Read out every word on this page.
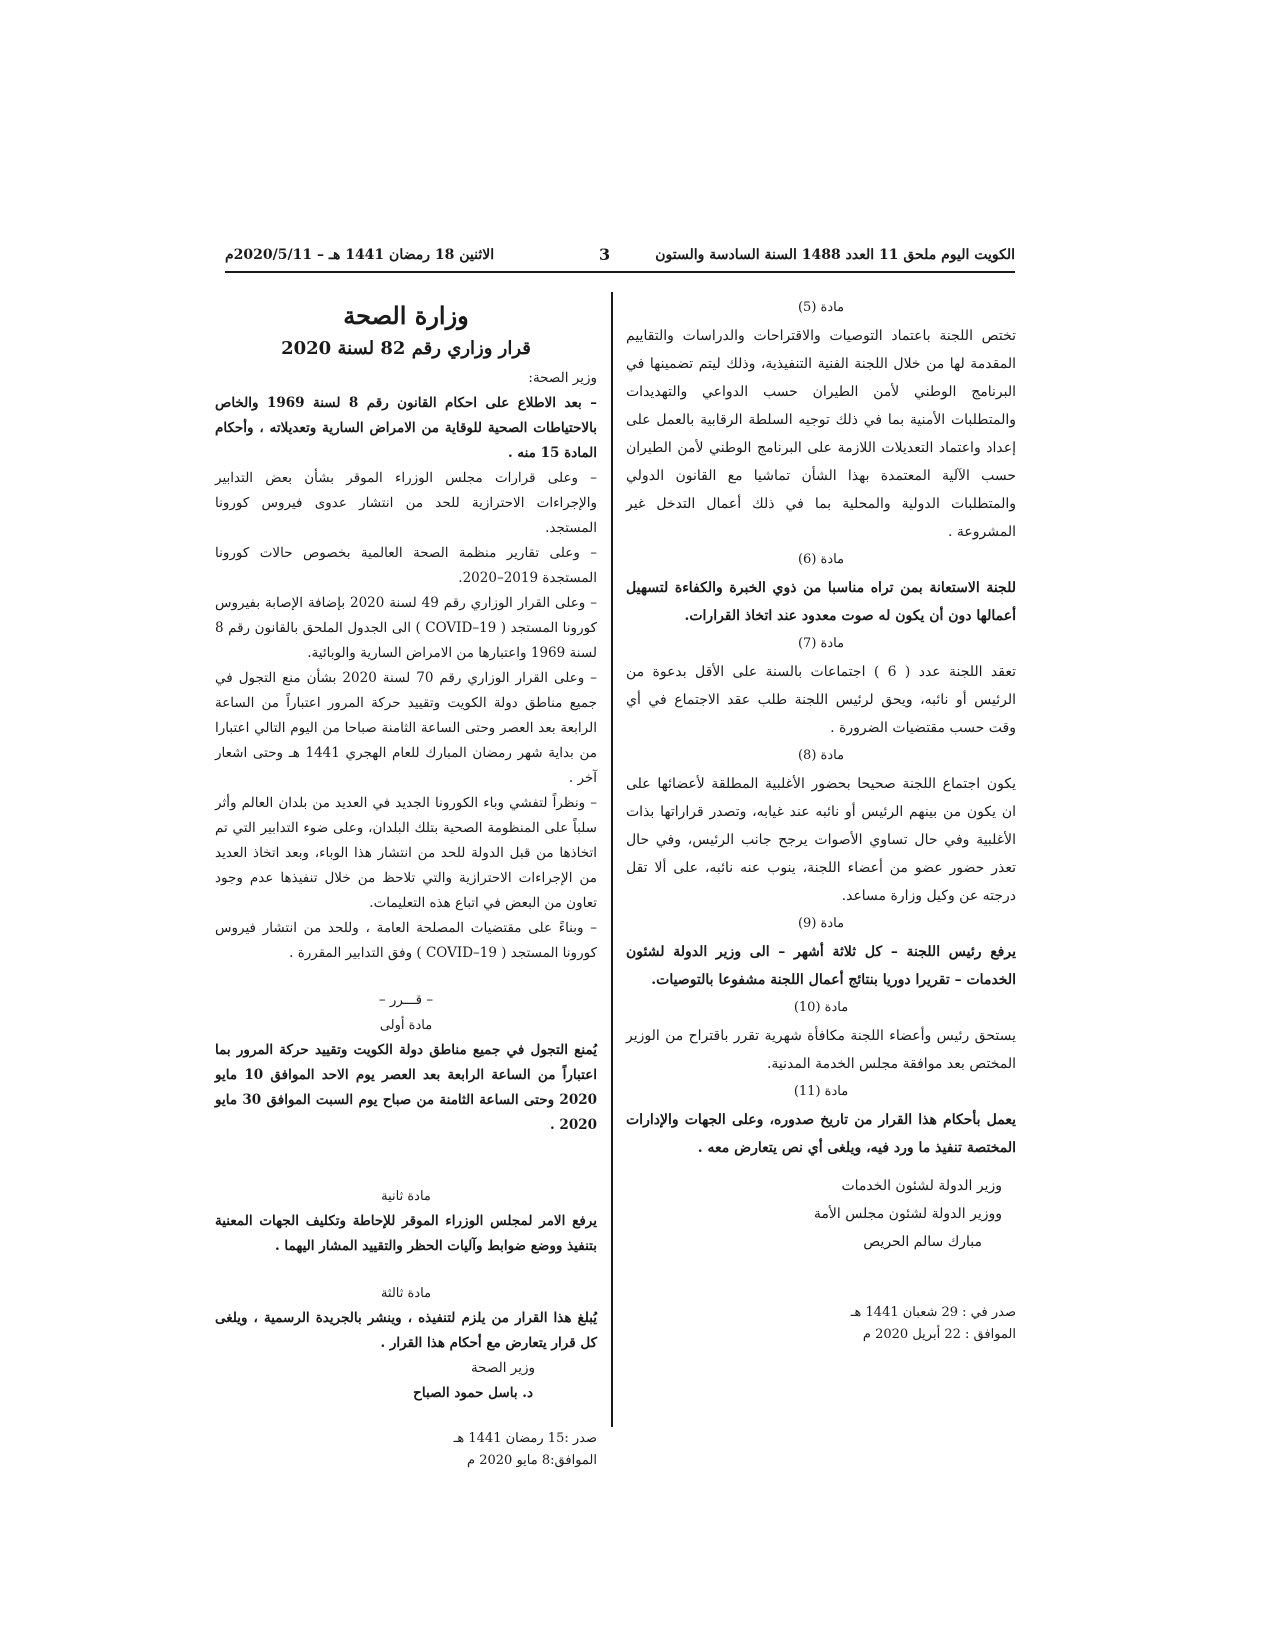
الكويت اليوم ملحق 11 العدد 1488 السنة السادسة والستون
3
الاثنين 18 رمضان 1441 هـ – 2020/5/11م

مادة (5)

تختص اللجنة باعتماد التوصيات والاقتراحات والدراسات والتقاييم المقدمة لها من خلال اللجنة الفنية التنفيذية، وذلك ليتم تضمينها في البرنامج الوطني لأمن الطيران حسب الدواعي والتهديدات والمتطلبات الأمنية بما في ذلك توجيه السلطة الرقابية بالعمل على إعداد واعتماد التعديلات اللازمة على البرنامج الوطني لأمن الطيران حسب الآلية المعتمدة بهذا الشأن تماشيا مع القانون الدولي والمتطلبات الدولية والمحلية بما في ذلك أعمال التدخل غير المشروعة .

مادة (6)

للجنة الاستعانة بمن تراه مناسبا من ذوي الخبرة والكفاءة لتسهيل أعمالها دون أن يكون له صوت معدود عند اتخاذ القرارات.

مادة (7)

تعقد اللجنة عدد ( 6 ) اجتماعات بالسنة على الأقل بدعوة من الرئيس أو نائبه، ويحق لرئيس اللجنة طلب عقد الاجتماع في أي وقت حسب مقتضيات الضرورة .

مادة (8)

يكون اجتماع اللجنة صحيحا بحضور الأغلبية المطلقة لأعضائها على ان يكون من بينهم الرئيس أو نائبه عند غيابه، وتصدر قراراتها بذات الأغلبية وفي حال تساوي الأصوات يرجح جانب الرئيس، وفي حال تعذر حضور عضو من أعضاء اللجنة، ينوب عنه نائبه، على ألا تقل درجته عن وكيل وزارة مساعد.

مادة (9)

يرفع رئيس اللجنة – كل ثلاثة أشهر – الى وزير الدولة لشئون الخدمات – تقريرا دوريا بنتائج أعمال اللجنة مشفوعا بالتوصيات.

مادة (10)

يستحق رئيس وأعضاء اللجنة مكافأة شهرية تقرر باقتراح من الوزير المختص بعد موافقة مجلس الخدمة المدنية.

مادة (11)

يعمل بأحكام هذا القرار من تاريخ صدوره، وعلى الجهات والإدارات المختصة تنفيذ ما ورد فيه، ويلغى أي نص يتعارض معه .

وزير الدولة لشئون الخدمات

ووزير الدولة لشئون مجلس الأمة

مبارك سالم الحريص

صدر في : 29 شعبان 1441 هـ

الموافق : 22 أبريل 2020 م

وزارة الصحة

قرار وزاري رقم 82 لسنة 2020

وزير الصحة:

– بعد الاطلاع على احكام القانون رقم 8 لسنة 1969 والخاص بالاحتياطات الصحية للوقاية من الامراض السارية وتعديلاته ، وأحكام المادة 15 منه .

– وعلى قرارات مجلس الوزراء الموقر بشأن بعض التدابير والإجراءات الاحترازية للحد من انتشار عدوى فيروس كورونا المستجد.

– وعلى تقارير منظمة الصحة العالمية بخصوص حالات كورونا المستجدة 2019–2020.

– وعلى القرار الوزاري رقم 49 لسنة 2020 بإضافة الإصابة بفيروس كورونا المستجد ( COVID–19 ) الى الجدول الملحق بالقانون رقم 8 لسنة 1969 واعتبارها من الامراض السارية والوبائية.

– وعلى القرار الوزاري رقم 70 لسنة 2020 بشأن منع التجول في جميع مناطق دولة الكويت وتقييد حركة المرور اعتباراً من الساعة الرابعة بعد العصر وحتى الساعة الثامنة صباحا من اليوم التالي اعتبارا من بداية شهر رمضان المبارك للعام الهجري 1441 هـ وحتى اشعار آخر .

– ونظراً لتفشي وباء الكورونا الجديد في العديد من بلدان العالم وأثر سلباً على المنظومة الصحية بتلك البلدان، وعلى ضوء التدابير التي تم اتخاذها من قبل الدولة للحد من انتشار هذا الوباء، وبعد اتخاذ العديد من الإجراءات الاحترازية والتي تلاحظ من خلال تنفيذها عدم وجود تعاون من البعض في اتباع هذه التعليمات.

– وبناءً على مقتضيات المصلحة العامة ، وللحد من انتشار فيروس كورونا المستجد ( COVID–19 ) وفق التدابير المقررة .

– قـــرر –

مادة أولى

يُمنع التجول في جميع مناطق دولة الكويت وتقييد حركة المرور بما اعتباراً من الساعة الرابعة بعد العصر يوم الاحد الموافق 10 مايو 2020 وحتى الساعة الثامنة من صباح يوم السبت الموافق 30 مايو 2020 .

مادة ثانية

يرفع الامر لمجلس الوزراء الموقر للإحاطة وتكليف الجهات المعنية بتنفيذ ووضع ضوابط وآليات الحظر والتقييد المشار اليهما .

مادة ثالثة

يُبلغ هذا القرار من يلزم لتنفيذه ، وينشر بالجريدة الرسمية ، ويلغى كل قرار يتعارض مع أحكام هذا القرار .

وزير الصحة

د. باسل حمود الصباح

صدر :15 رمضان 1441 هـ

الموافق:8 مايو 2020 م
